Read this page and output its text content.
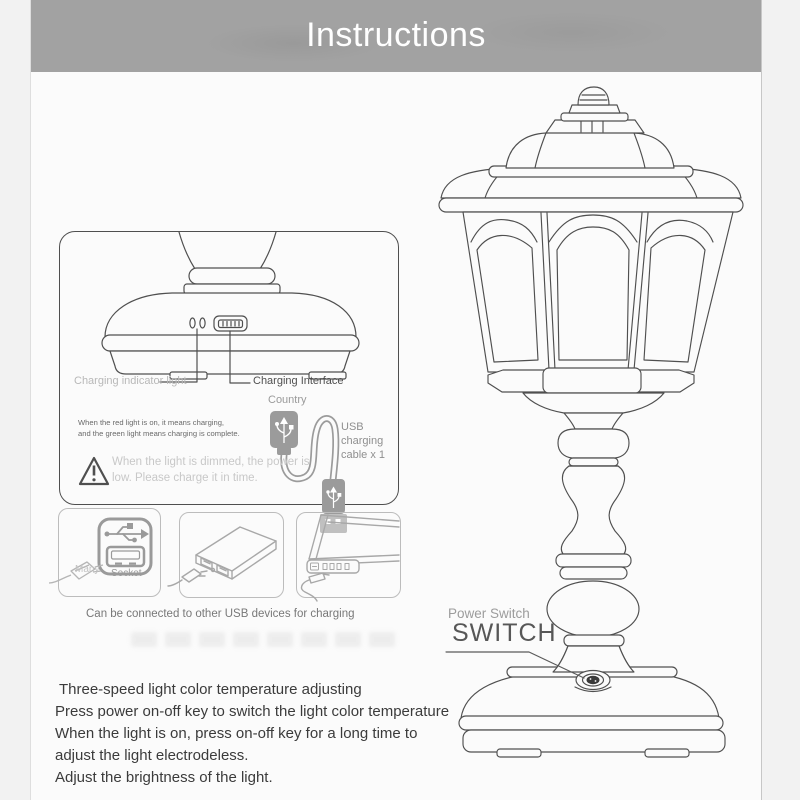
Instructions
Charging indicator light	Charging Interface
Country
When the red light is on, it means charging,
and the green light means charging is complete.
When the light is dimmed, the power is
low. Please charge it in time.
USB charging
cable x 1
Many Socket
Can be connected to other USB devices for charging	Power Switch
SWITCH
Three-speed light color temperature adjusting
Press power on-off key to switch the light color temperature
When the light is on, press on-off key for a long time to
adjust the light electrodeless.
Adjust the brightness of the light.
